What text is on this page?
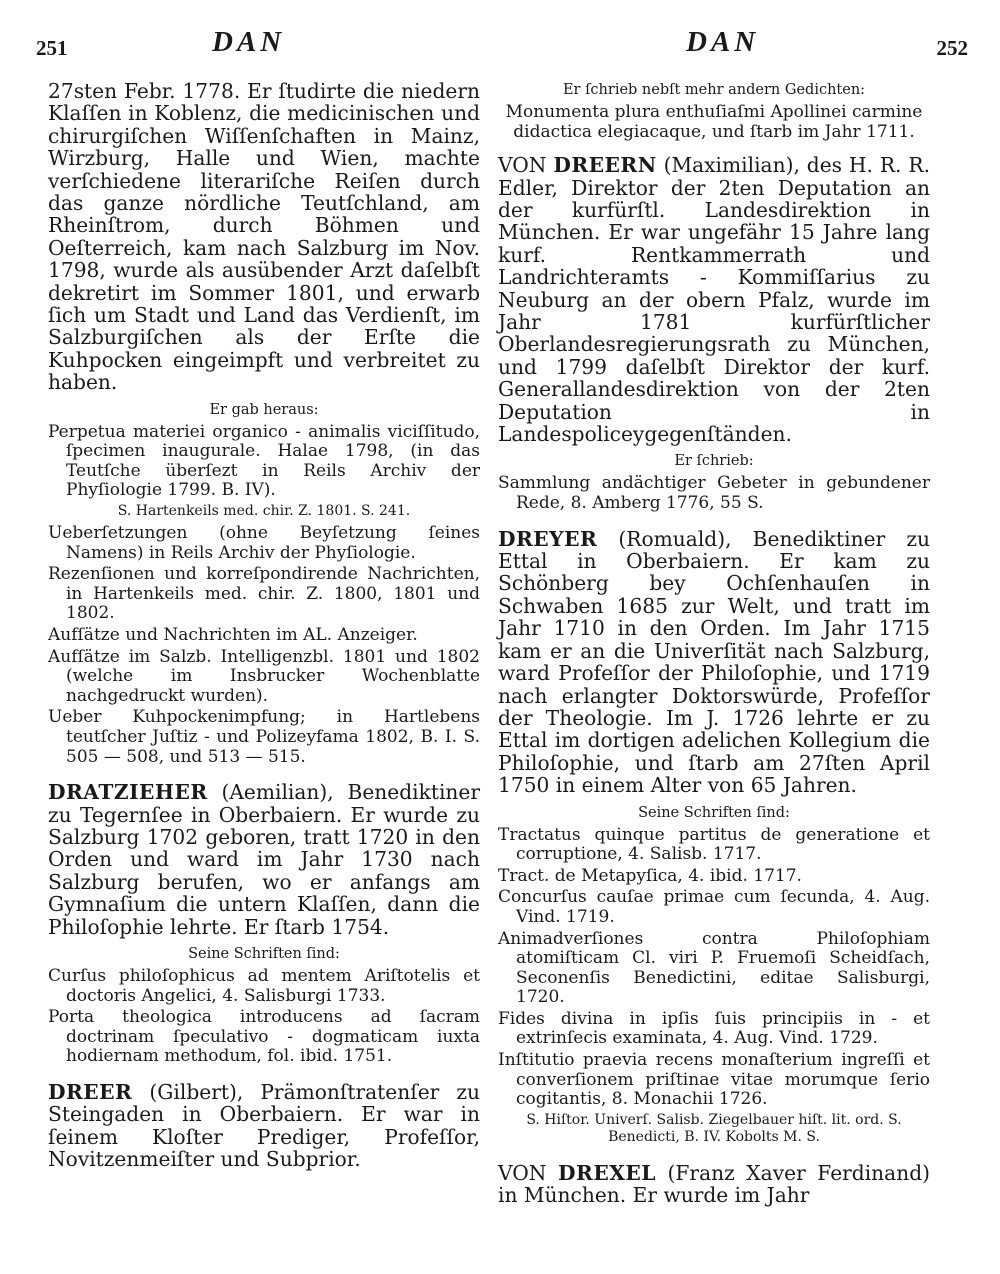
251	DAN	DAN	252

27sten Febr. 1778. Er ſtudirte die niedern Klaſſen in Koblenz, die medicinischen und chirurgiſchen Wiſſenſchaften in Mainz, Wirzburg, Halle und Wien, machte verſchiedene literariſche Reiſen durch das ganze nördliche Teutſchland, am Rheinſtrom, durch Böhmen und Oeſterreich, kam nach Salzburg im Nov. 1798, wurde als ausübender Arzt daſelbſt dekretirt im Sommer 1801, und erwarb ſich um Stadt und Land das Verdienſt, im Salzburgiſchen als der Erſte die Kuhpocken eingeimpft und verbreitet zu haben.

Er gab heraus:

Perpetua materiei organico - animalis viciſſitudo, ſpecimen inaugurale. Halae 1798, (in das Teutſche überſezt in Reils Archiv der Phyſiologie 1799. B. IV).

S. Hartenkeils med. chir. Z. 1801. S. 241.

Ueberſetzungen (ohne Beyſetzung ſeines Namens) in Reils Archiv der Phyſiologie.

Rezenſionen und korreſpondirende Nachrichten, in Hartenkeils med. chir. Z. 1800, 1801 und 1802.

Aufſätze und Nachrichten im AL. Anzeiger.

Aufſätze im Salzb. Intelligenzbl. 1801 und 1802 (welche im Insbrucker Wochenblatte nachgedruckt wurden).

Ueber Kuhpockenimpfung; in Hartlebens teutſcher Juſtiz - und Polizeyfama 1802, B. I. S. 505 — 508, und 513 — 515.

DRATZIEHER (Aemilian), Benediktiner zu Tegernſee in Oberbaiern. Er wurde zu Salzburg 1702 geboren, tratt 1720 in den Orden und ward im Jahr 1730 nach Salzburg berufen, wo er anfangs am Gymnaſium die untern Klaſſen, dann die Philoſophie lehrte. Er ſtarb 1754.

Seine Schriften ſind:

Curſus philoſophicus ad mentem Ariſtotelis et doctoris Angelici, 4. Salisburgi 1733.

Porta theologica introducens ad ſacram doctrinam ſpeculativo - dogmaticam iuxta hodiernam methodum, fol. ibid. 1751.

DREER (Gilbert), Prämonſtratenſer zu Steingaden in Oberbaiern. Er war in ſeinem Kloſter Prediger, Profeſſor, Novitzenmeiſter und Subprior.

Er ſchrieb nebſt mehr andern Gedichten:

Monumenta plura enthuſiaſmi Apollinei carmine didactica elegiacaque, und ſtarb im Jahr 1711.

VON DREERN (Maximilian), des H. R. R. Edler, Direktor der 2ten Deputation an der kurfürſtl. Landesdirektion in München. Er war ungefähr 15 Jahre lang kurf. Rentkammerrath und Landrichteramts - Kommiſſarius zu Neuburg an der obern Pfalz, wurde im Jahr 1781 kurfürſtlicher Oberlandesregierungsrath zu München, und 1799 daſelbſt Direktor der kurf. Generallandesdirektion von der 2ten Deputation in Landespoliceygegenſtänden.

Er ſchrieb:

Sammlung andächtiger Gebeter in gebundener Rede, 8. Amberg 1776, 55 S.

DREYER (Romuald), Benediktiner zu Ettal in Oberbaiern. Er kam zu Schönberg bey Ochſenhauſen in Schwaben 1685 zur Welt, und tratt im Jahr 1710 in den Orden. Im Jahr 1715 kam er an die Univerſität nach Salzburg, ward Profeſſor der Philoſophie, und 1719 nach erlangter Doktorswürde, Profeſſor der Theologie. Im J. 1726 lehrte er zu Ettal im dortigen adelichen Kollegium die Philoſophie, und ſtarb am 27ſten April 1750 in einem Alter von 65 Jahren.

Seine Schriften ſind:

Tractatus quinque partitus de generatione et corruptione, 4. Salisb. 1717.

Tract. de Metapyſica, 4. ibid. 1717.

Concurſus cauſae primae cum ſecunda, 4. Aug. Vind. 1719.

Animadverſiones contra Philoſophiam atomiſticam Cl. viri P. Fruemoſi Scheidſach, Seconenſis Benedictini, editae Salisburgi, 1720.

Fides divina in ipſis ſuis principiis in - et extrinſecis examinata, 4. Aug. Vind. 1729.

Inſtitutio praevia recens monaſterium ingreſſi et converſionem priſtinae vitae morumque ſerio cogitantis, 8. Monachii 1726.

S. Hiſtor. Univerſ. Salisb. Ziegelbauer hiſt. lit. ord. S. Benedicti, B. IV. Kobolts M. S.

VON DREXEL (Franz Xaver Ferdinand) in München. Er wurde im Jahr
